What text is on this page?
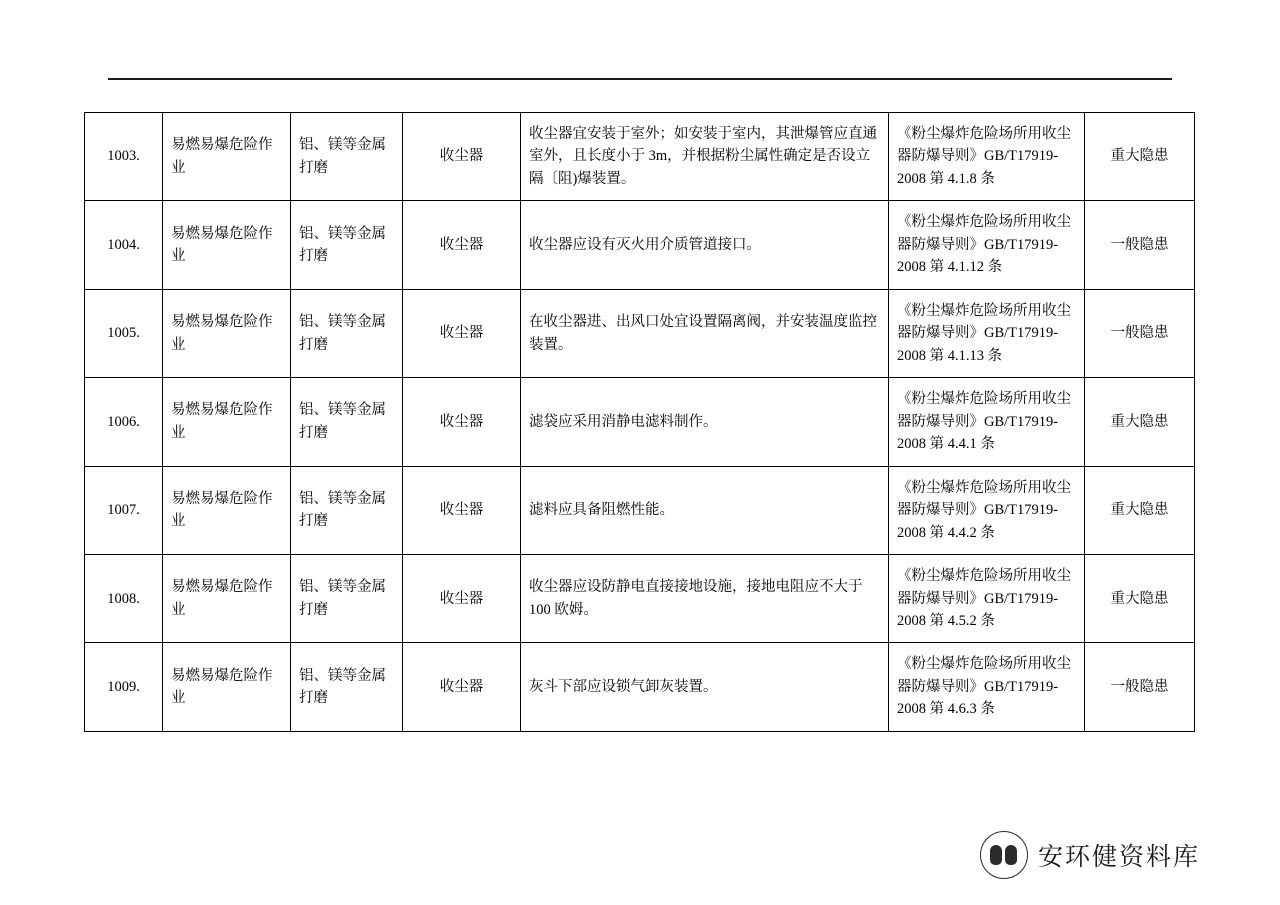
1003.	易燃易爆危险作业	铝、镁等金属打磨	收尘器	收尘器宜安装于室外；如安装于室内，其泄爆管应直通室外，且长度小于 3m，并根据粉尘属性确定是否设立隔〔阻)爆装置。	《粉尘爆炸危险场所用收尘器防爆导则》GB/T17919-2008 第 4.1.8 条	重大隐患
1004.	易燃易爆危险作业	铝、镁等金属打磨	收尘器	收尘器应设有灭火用介质管道接口。	《粉尘爆炸危险场所用收尘器防爆导则》GB/T17919-2008 第 4.1.12 条	一般隐患
1005.	易燃易爆危险作业	铝、镁等金属打磨	收尘器	在收尘器进、出风口处宜设置隔离阀，并安装温度监控装置。	《粉尘爆炸危险场所用收尘器防爆导则》GB/T17919-2008 第 4.1.13 条	一般隐患
1006.	易燃易爆危险作业	铝、镁等金属打磨	收尘器	滤袋应采用消静电滤料制作。	《粉尘爆炸危险场所用收尘器防爆导则》GB/T17919-2008 第 4.4.1 条	重大隐患
1007.	易燃易爆危险作业	铝、镁等金属打磨	收尘器	滤料应具备阻燃性能。	《粉尘爆炸危险场所用收尘器防爆导则》GB/T17919-2008 第 4.4.2 条	重大隐患
1008.	易燃易爆危险作业	铝、镁等金属打磨	收尘器	收尘器应设防静电直接接地设施，接地电阻应不大于 100 欧姆。	《粉尘爆炸危险场所用收尘器防爆导则》GB/T17919-2008 第 4.5.2 条	重大隐患
1009.	易燃易爆危险作业	铝、镁等金属打磨	收尘器	灰斗下部应设锁气卸灰装置。	《粉尘爆炸危险场所用收尘器防爆导则》GB/T17919-2008 第 4.6.3 条	一般隐患
安环健资料库
